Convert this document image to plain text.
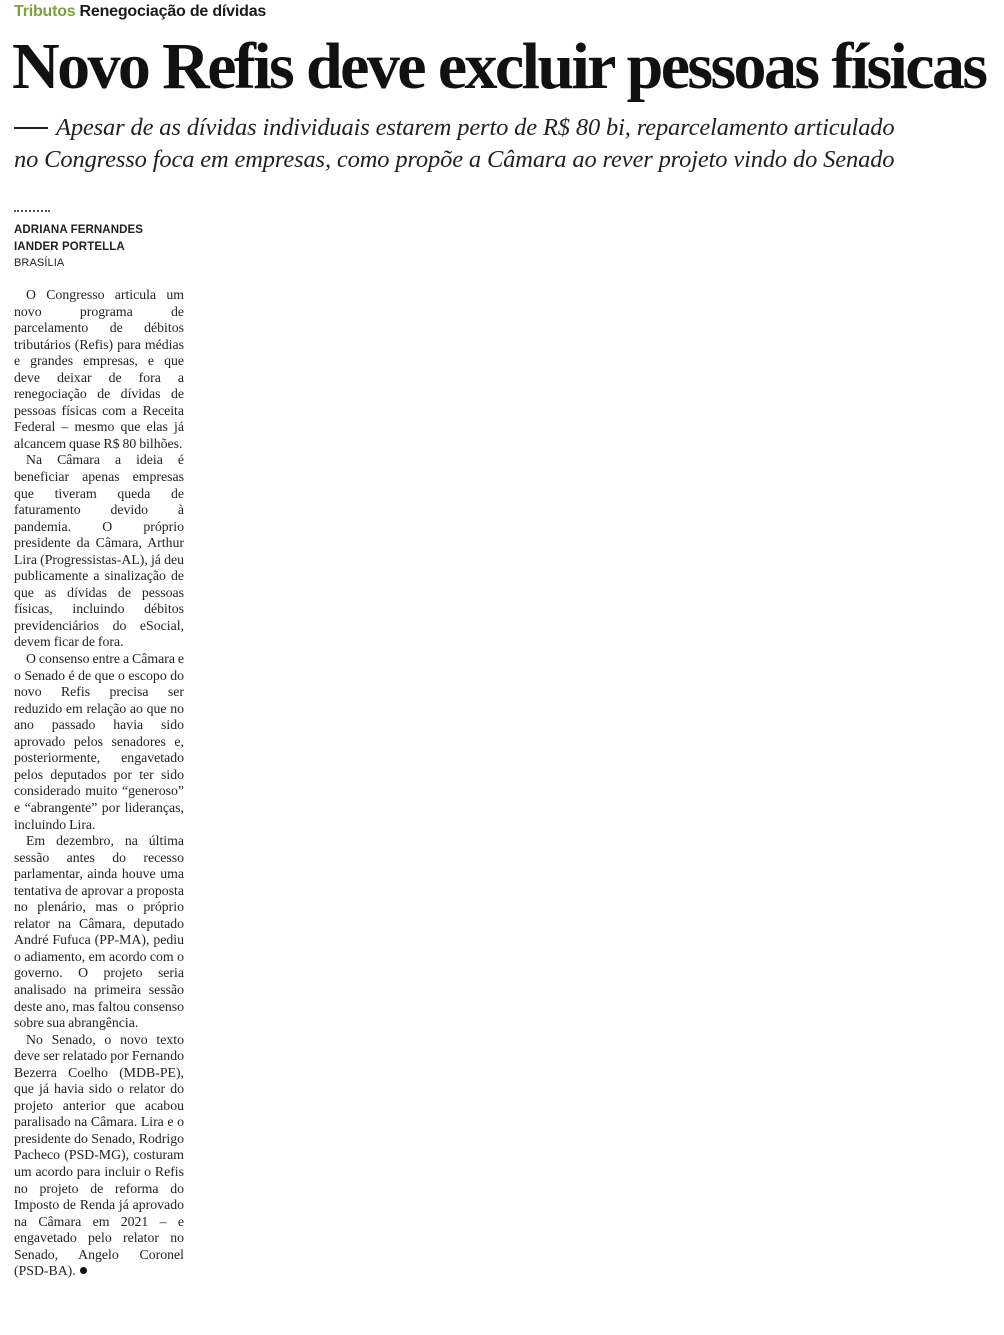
Tributos Renegociação de dívidas
Novo Refis deve excluir pessoas físicas
Apesar de as dívidas individuais estarem perto de R$ 80 bi, reparcelamento articulado
no Congresso foca em empresas, como propõe a Câmara ao rever projeto vindo do Senado
ADRIANA FERNANDES
IANDER PORTELLA
BRASÍLIA

O Congresso articula um novo programa de parcelamento de débitos tributários (Refis) para médias e grandes empresas, e que deve deixar de fora a renegociação de dívidas de pessoas físicas com a Receita Federal – mesmo que elas já alcancem quase R$ 80 bilhões.

Na Câmara a ideia é beneficiar apenas empresas que tiveram queda de faturamento devido à pandemia. O próprio presidente da Câmara, Arthur Lira (Progressistas-AL), já deu publicamente a sinalização de que as dívidas de pessoas físicas, incluindo débitos previdenciários do eSocial, devem ficar de fora.

O consenso entre a Câmara e o Senado é de que o escopo do novo Refis precisa ser reduzido em relação ao que no ano passado havia sido aprovado pelos senadores e, posteriormente, engavetado pelos deputados por ter sido considerado muito “generoso” e “abrangente” por lideranças, incluindo Lira.

Em dezembro, na última sessão antes do recesso parlamentar, ainda houve uma tentativa de aprovar a proposta no plenário, mas o próprio relator na Câmara, deputado André Fufuca (PP-MA), pediu o adiamento, em acordo com o governo. O projeto seria analisado na primeira sessão deste ano, mas faltou consenso sobre sua abrangência.

No Senado, o novo texto deve ser relatado por Fernando Bezerra Coelho (MDB-PE), que já havia sido o relator do projeto anterior que acabou paralisado na Câmara. Lira e o presidente do Senado, Rodrigo Pacheco (PSD-MG), costuram um acordo para incluir o Refis no projeto de reforma do Imposto de Renda já aprovado na Câmara em 2021 – e engavetado pelo relator no Senado, Angelo Coronel (PSD-BA).
